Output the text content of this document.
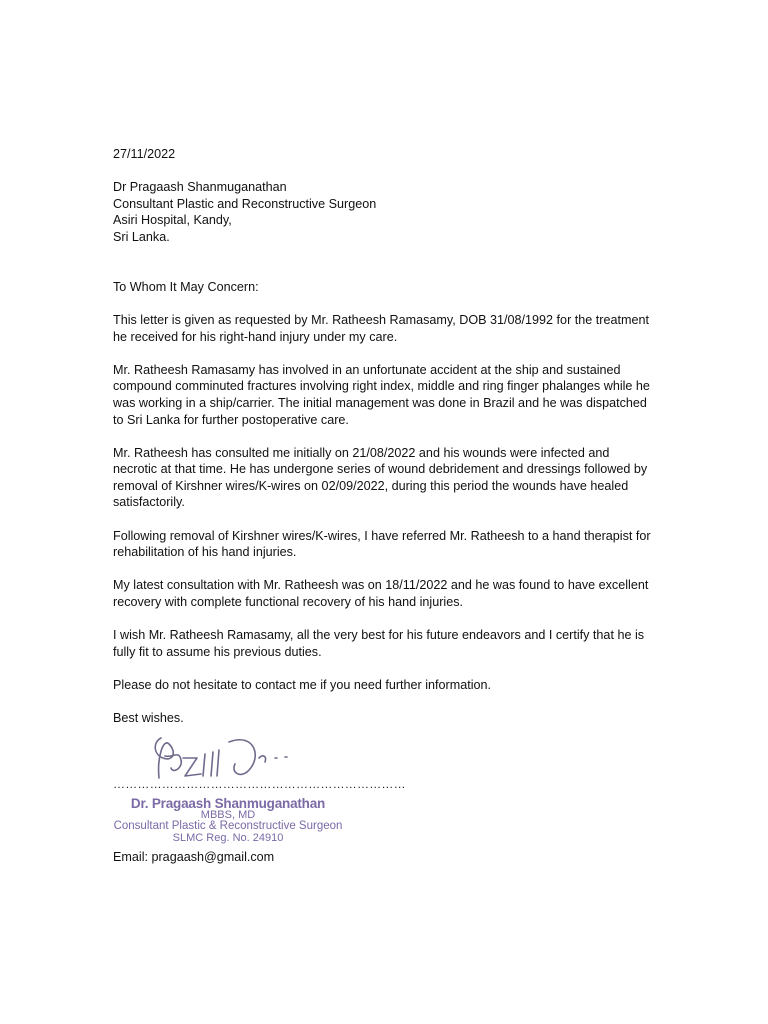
27/11/2022
Dr Pragaash Shanmuganathan
Consultant Plastic and Reconstructive Surgeon
Asiri Hospital, Kandy,
Sri Lanka.
To Whom It May Concern:
This letter is given as requested by Mr. Ratheesh Ramasamy, DOB 31/08/1992 for the treatment he received for his right-hand injury under my care.
Mr. Ratheesh Ramasamy has involved in an unfortunate accident at the ship and sustained compound comminuted fractures involving right index, middle and ring finger phalanges while he was working in a ship/carrier. The initial management was done in Brazil and he was dispatched to Sri Lanka for further postoperative care.
Mr. Ratheesh has consulted me initially on 21/08/2022 and his wounds were infected and necrotic at that time. He has undergone series of wound debridement and dressings followed by removal of Kirshner wires/K-wires on 02/09/2022, during this period the wounds have healed satisfactorily.
Following removal of Kirshner wires/K-wires, I have referred Mr. Ratheesh to a hand therapist for rehabilitation of his hand injuries.
My latest consultation with Mr. Ratheesh was on 18/11/2022 and he was found to have excellent recovery with complete functional recovery of his hand injuries.
I wish Mr. Ratheesh Ramasamy, all the very best for his future endeavors and I certify that he is fully fit to assume his previous duties.
Please do not hesitate to contact me if you need further information.
Best wishes.
………………………………………………………………
Dr. Pragaash Shanmuganathan
MBBS, MD
Consultant Plastic & Reconstructive Surgeon
SLMC Reg. No. 24910
Email: pragaash@gmail.com
